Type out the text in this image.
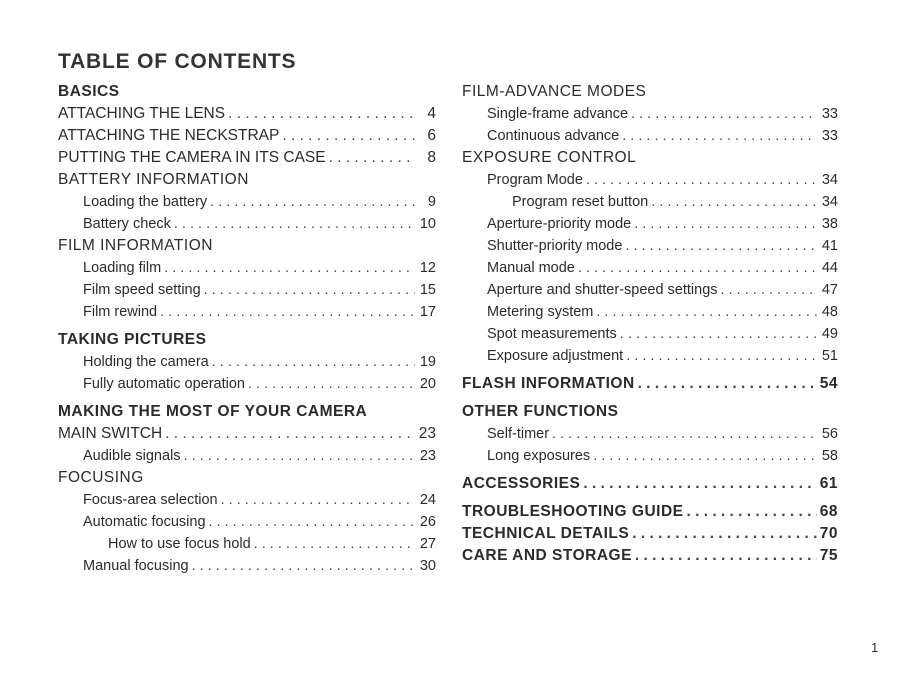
TABLE OF CONTENTS
BASICS
ATTACHING THE LENS . . .	4
ATTACHING THE NECKSTRAP . . .	6
PUTTING THE CAMERA IN ITS CASE . . .	8
BATTERY INFORMATION
Loading the battery . . .	9
Battery check . . .	10
FILM INFORMATION
Loading film . . .	12
Film speed setting . . .	15
Film rewind . . .	17
TAKING PICTURES
Holding the camera . . .	19
Fully automatic operation . . .	20
MAKING THE MOST OF YOUR CAMERA
MAIN SWITCH . . .	23
Audible signals . . .	23
FOCUSING
Focus-area selection . . .	24
Automatic focusing . . .	26
How to use focus hold . . .	27
Manual focusing . . .	30
FILM-ADVANCE MODES
Single-frame advance . . .	33
Continuous advance . . .	33
EXPOSURE CONTROL
Program Mode . . .	34
Program reset button . . .	34
Aperture-priority mode . . .	38
Shutter-priority mode . . .	41
Manual mode . . .	44
Aperture and shutter-speed settings . . .	47
Metering system . . .	48
Spot measurements . . .	49
Exposure adjustment . . .	51
FLASH INFORMATION . . .	54
OTHER FUNCTIONS
Self-timer . . .	56
Long exposures . . .	58
ACCESSORIES . . .	61
TROUBLESHOOTING GUIDE . . .	68
TECHNICAL DETAILS . . .	70
CARE AND STORAGE . . .	75
1
